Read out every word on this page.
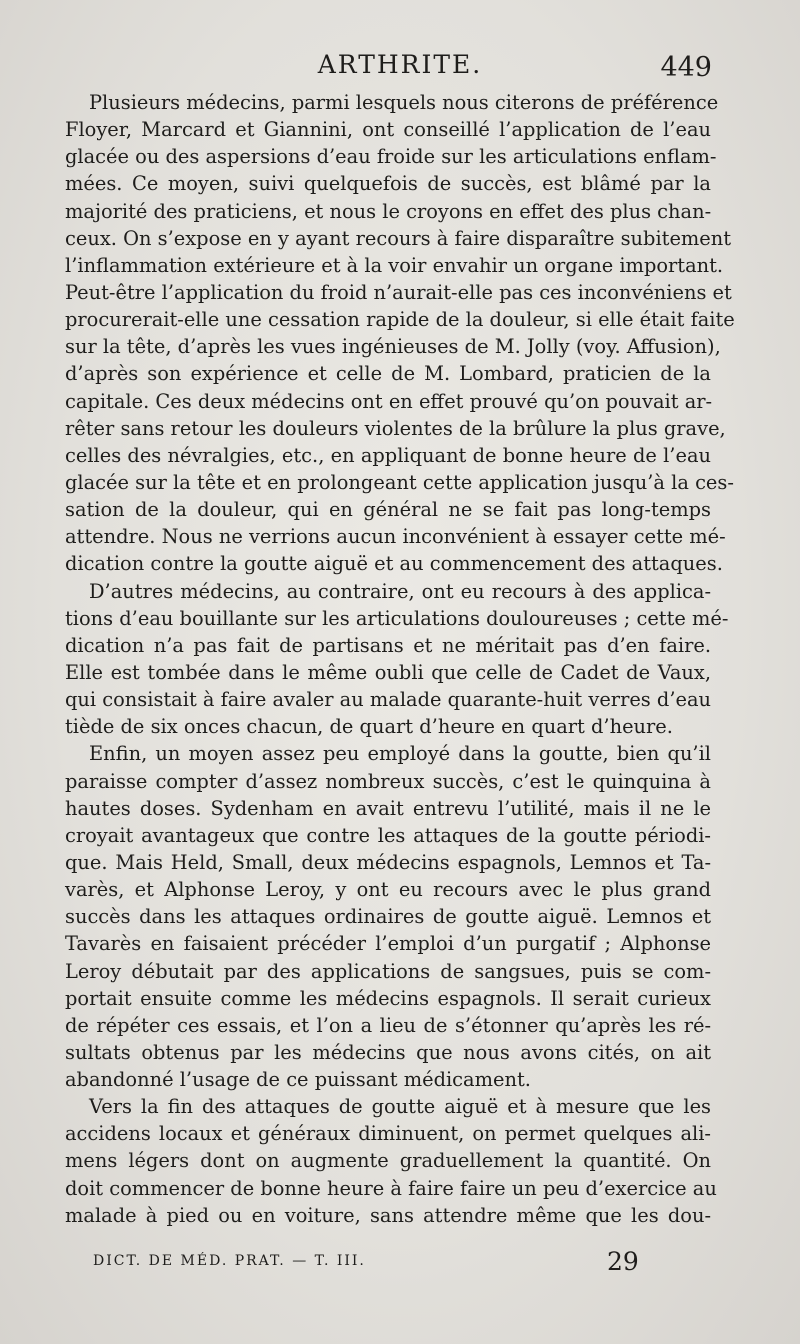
ARTHRITE.	449
Plusieurs médecins, parmi lesquels nous citerons de préférence
Floyer, Marcard et Giannini, ont conseillé l’application de l’eau
glacée ou des aspersions d’eau froide sur les articulations enflam-
mées. Ce moyen, suivi quelquefois de succès, est blâmé par la
majorité des praticiens, et nous le croyons en effet des plus chan-
ceux. On s’expose en y ayant recours à faire disparaître subitement
l’inflammation extérieure et à la voir envahir un organe important.
Peut-être l’application du froid n’aurait-elle pas ces inconvéniens et
procurerait-elle une cessation rapide de la douleur, si elle était faite
sur la tête, d’après les vues ingénieuses de M. Jolly (voy. Affusion),
d’après son expérience et celle de M. Lombard, praticien de la
capitale. Ces deux médecins ont en effet prouvé qu’on pouvait ar-
rêter sans retour les douleurs violentes de la brûlure la plus grave,
celles des névralgies, etc., en appliquant de bonne heure de l’eau
glacée sur la tête et en prolongeant cette application jusqu’à la ces-
sation de la douleur, qui en général ne se fait pas long-temps
attendre. Nous ne verrions aucun inconvénient à essayer cette mé-
dication contre la goutte aiguë et au commencement des attaques.
D’autres médecins, au contraire, ont eu recours à des applica-
tions d’eau bouillante sur les articulations douloureuses ; cette mé-
dication n’a pas fait de partisans et ne méritait pas d’en faire.
Elle est tombée dans le même oubli que celle de Cadet de Vaux,
qui consistait à faire avaler au malade quarante-huit verres d’eau
tiède de six onces chacun, de quart d’heure en quart d’heure.
Enfin, un moyen assez peu employé dans la goutte, bien qu’il
paraisse compter d’assez nombreux succès, c’est le quinquina à
hautes doses. Sydenham en avait entrevu l’utilité, mais il ne le
croyait avantageux que contre les attaques de la goutte périodi-
que. Mais Held, Small, deux médecins espagnols, Lemnos et Ta-
varès, et Alphonse Leroy, y ont eu recours avec le plus grand
succès dans les attaques ordinaires de goutte aiguë. Lemnos et
Tavarès en faisaient précéder l’emploi d’un purgatif ; Alphonse
Leroy débutait par des applications de sangsues, puis se com-
portait ensuite comme les médecins espagnols. Il serait curieux
de répéter ces essais, et l’on a lieu de s’étonner qu’après les ré-
sultats obtenus par les médecins que nous avons cités, on ait
abandonné l’usage de ce puissant médicament.
Vers la fin des attaques de goutte aiguë et à mesure que les
accidens locaux et généraux diminuent, on permet quelques ali-
mens légers dont on augmente graduellement la quantité. On
doit commencer de bonne heure à faire faire un peu d’exercice au
malade à pied ou en voiture, sans attendre même que les dou-
DICT. DE MÉD. PRAT. — T. III.	29
